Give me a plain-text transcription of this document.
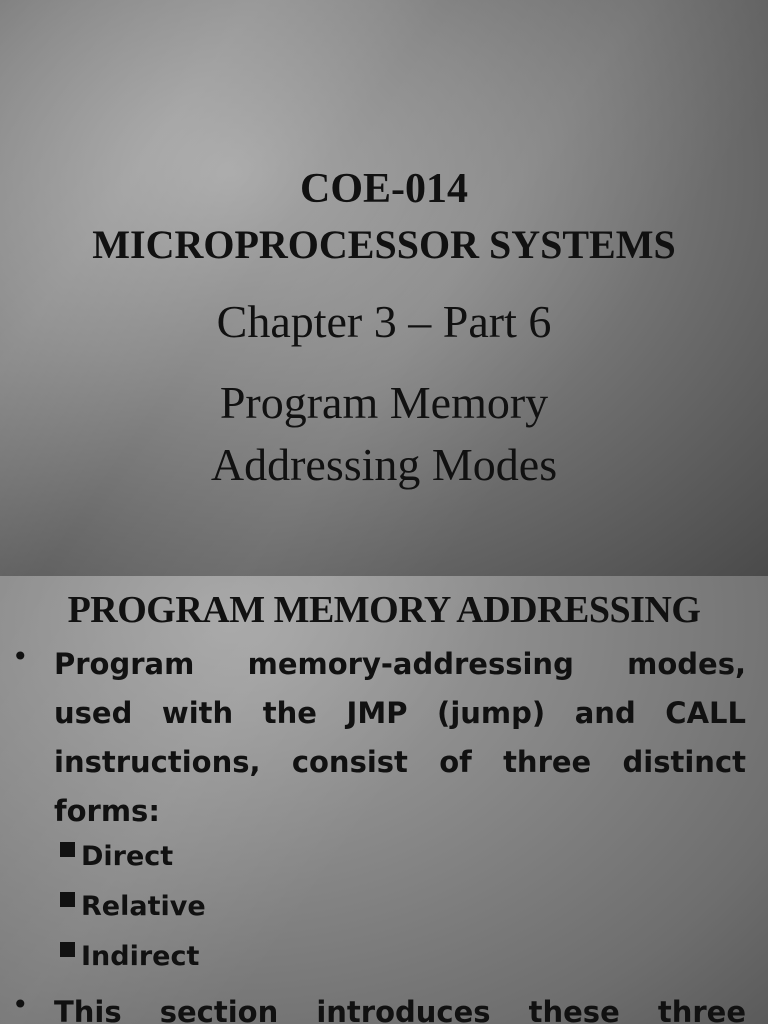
COE-014
MICROPROCESSOR SYSTEMS
Chapter 3 – Part 6
Program Memory
Addressing Modes
PROGRAM MEMORY ADDRESSING
• Program memory-addressing modes, used with the JMP (jump) and CALL instructions, consist of three distinct forms:
Direct
Relative
Indirect
• This section introduces these three
